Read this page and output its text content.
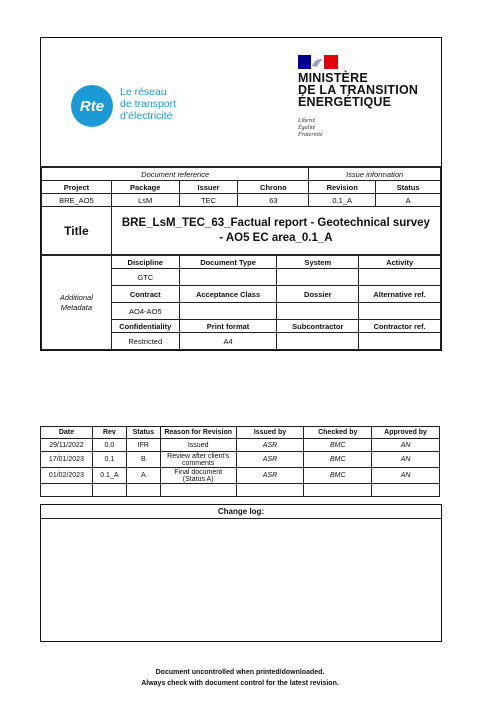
Rte
Le réseau
de transport
d’électricité
MINISTÈRE
DE LA TRANSITION
ÉNERGÉTIQUE
Liberté
Égalité
Fraternité
Document reference				Issue information	
Project	Package	Issuer	Chrono	Revision	Status
BRE_AO5	LsM	TEC	63	0.1_A	A
Title	BRE_LsM_TEC_63_Factual report - Geotechnical survey - AO5 EC area_0.1_A				
Additional
Metadata	Discipline	Document Type	System	Activity
	GTC			
	Contract	Acceptance Class	Dossier	Alternative ref.
	AO4-AO5			
	Confidentiality	Print format	Subcontractor	Contractor ref.
	Restricted	A4		
Date	Rev	Status	Reason for Revision	Issued by	Checked by	Approved by
29/11/2022	0.0	IFR	Issued	ASR	BMC	AN
17/01/2023	0.1	B	Review after client's comments	ASR	BMC	AN
01/02/2023	0.1_A	A	Final document (Status A)	ASR	BMC	AN

Change log:
Document uncontrolled when printed/downloaded.
Always check with document control for the latest revision.
